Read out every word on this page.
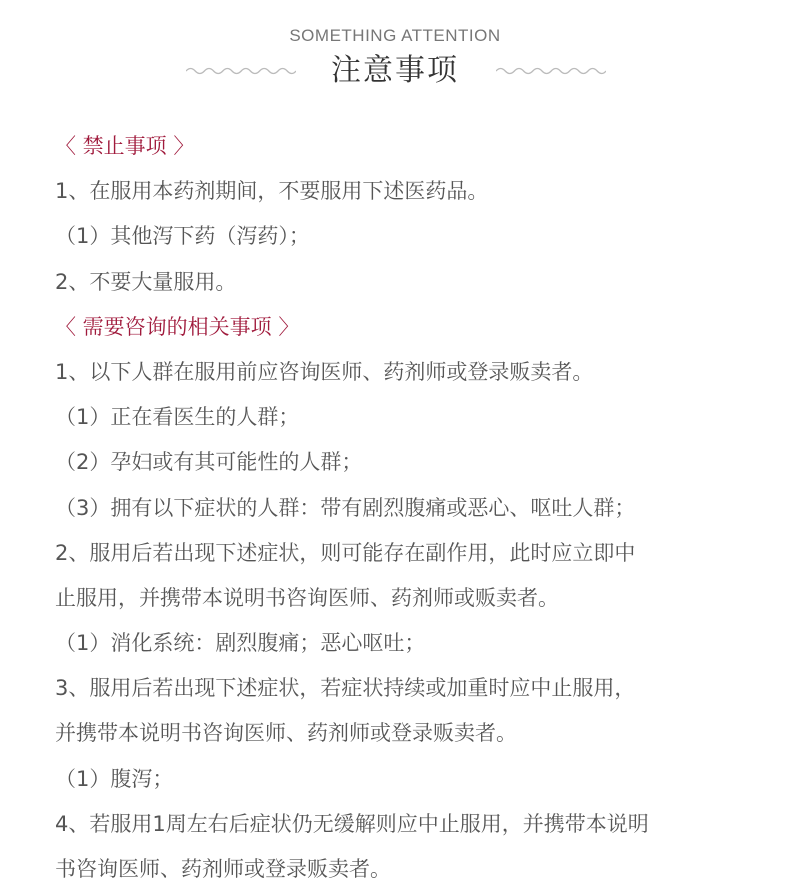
SOMETHING ATTENTION
注意事项
〈 禁止事项 〉
1、在服用本药剂期间，不要服用下述医药品。
（1）其他泻下药（泻药）；
2、不要大量服用。
〈 需要咨询的相关事项 〉
1、以下人群在服用前应咨询医师、药剂师或登录贩卖者。
（1）正在看医生的人群；
（2）孕妇或有其可能性的人群；
（3）拥有以下症状的人群：带有剧烈腹痛或恶心、呕吐人群；
2、服用后若出现下述症状，则可能存在副作用，此时应立即中
止服用，并携带本说明书咨询医师、药剂师或贩卖者。
（1）消化系统：剧烈腹痛；恶心呕吐；
3、服用后若出现下述症状，若症状持续或加重时应中止服用，
并携带本说明书咨询医师、药剂师或登录贩卖者。
（1）腹泻；
4、若服用1周左右后症状仍无缓解则应中止服用，并携带本说明
书咨询医师、药剂师或登录贩卖者。
